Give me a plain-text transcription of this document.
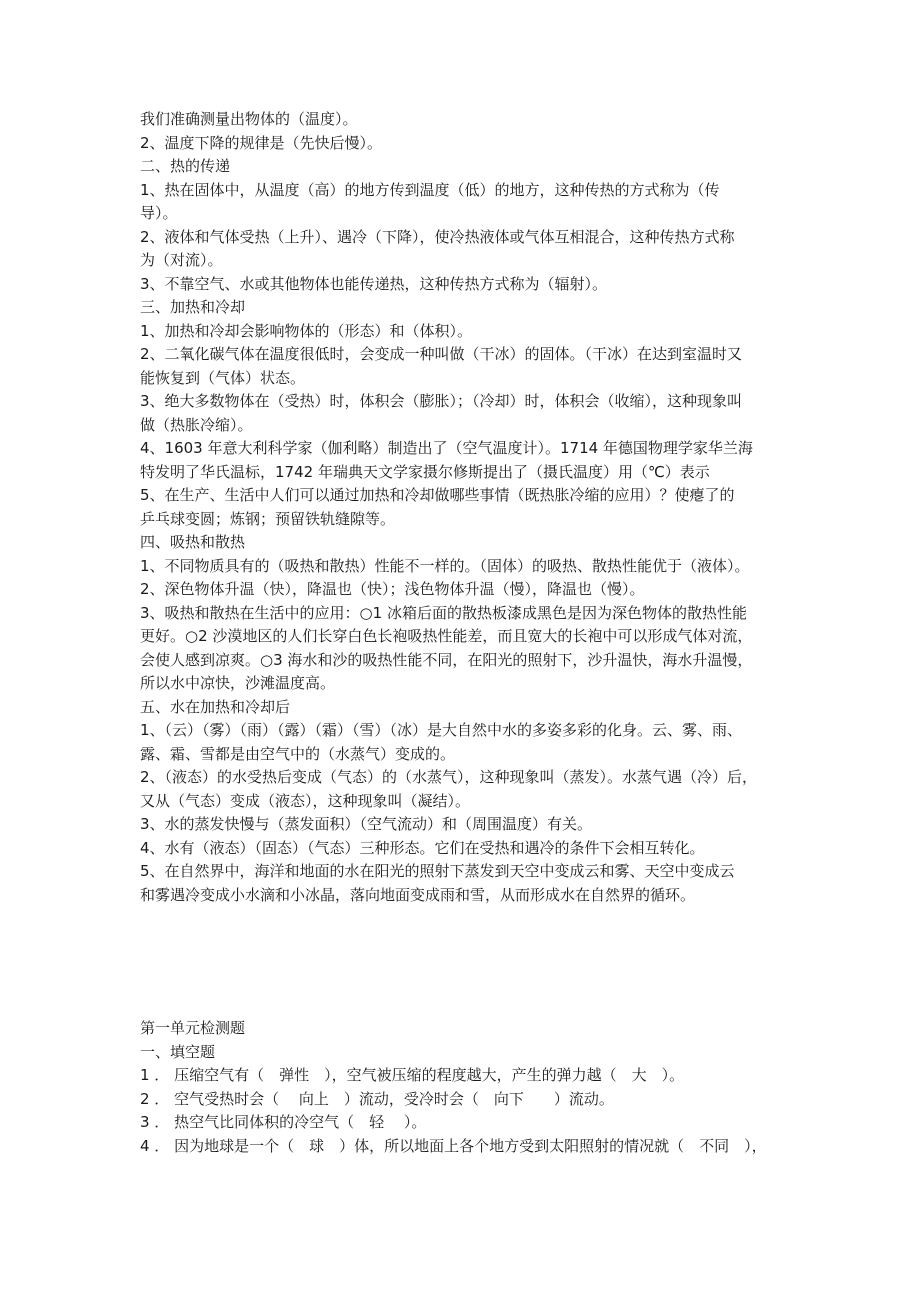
我们准确测量出物体的（温度）。
2、温度下降的规律是（先快后慢）。
二、热的传递
1、热在固体中，从温度（高）的地方传到温度（低）的地方，这种传热的方式称为（传
导）。
2、液体和气体受热（上升）、遇冷（下降），使冷热液体或气体互相混合，这种传热方式称
为（对流）。
3、不靠空气、水或其他物体也能传递热，这种传热方式称为（辐射）。
三、加热和冷却
1、加热和冷却会影响物体的（形态）和（体积）。
2、二氧化碳气体在温度很低时，会变成一种叫做（干冰）的固体。（干冰）在达到室温时又
能恢复到（气体）状态。
3、绝大多数物体在（受热）时，体积会（膨胀）；（冷却）时，体积会（收缩），这种现象叫
做（热胀冷缩）。
4、1603 年意大利科学家（伽利略）制造出了（空气温度计）。1714 年德国物理学家华兰海
特发明了华氏温标，1742 年瑞典天文学家摄尔修斯提出了（摄氏温度）用（℃）表示
5、在生产、生活中人们可以通过加热和冷却做哪些事情（既热胀冷缩的应用）？使瘪了的
乒乓球变圆；炼钢；预留铁轨缝隙等。
四、吸热和散热
1、不同物质具有的（吸热和散热）性能不一样的。（固体）的吸热、散热性能优于（液体）。
2、深色物体升温（快），降温也（快）；浅色物体升温（慢），降温也（慢）。
3、吸热和散热在生活中的应用：○1 冰箱后面的散热板漆成黑色是因为深色物体的散热性能
更好。○2 沙漠地区的人们长穿白色长袍吸热性能差，而且宽大的长袍中可以形成气体对流，
会使人感到凉爽。○3 海水和沙的吸热性能不同，在阳光的照射下，沙升温快，海水升温慢，
所以水中凉快，沙滩温度高。
五、水在加热和冷却后
1、（云）（雾）（雨）（露）（霜）（雪）（冰）是大自然中水的多姿多彩的化身。云、雾、雨、
露、霜、雪都是由空气中的（水蒸气）变成的。
2、（液态）的水受热后变成（气态）的（水蒸气），这种现象叫（蒸发）。水蒸气遇（冷）后，
又从（气态）变成（液态），这种现象叫（凝结）。
3、水的蒸发快慢与（蒸发面积）（空气流动）和（周围温度）有关。
4、水有（液态）（固态）（气态）三种形态。它们在受热和遇冷的条件下会相互转化。
5、在自然界中，海洋和地面的水在阳光的照射下蒸发到天空中变成云和雾、天空中变成云
和雾遇冷变成小水滴和小冰晶，落向地面变成雨和雪，从而形成水在自然界的循环。
第一单元检测题
一、填空题
1 ． 压缩空气有（　弹性　），空气被压缩的程度越大，产生的弹力越（　大　）。
2 ． 空气受热时会（　 向上　）流动，受冷时会（　向下　　）流动。
3 ． 热空气比同体积的冷空气（　轻　 ）。
4 ． 因为地球是一个（　球　）体，所以地面上各个地方受到太阳照射的情况就（　不同　），
